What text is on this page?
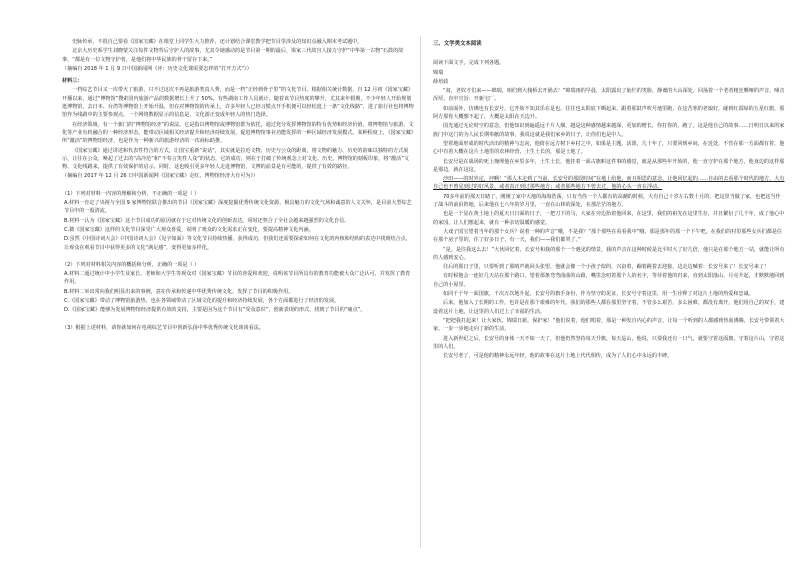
史脉传承，不很自己要看《国家宝藏》在课堂上同学生大力推荐，还计划结合课堂教学把节目里涉及的知识点融入期末考试题中。

北京大历史系学生刘晓蒙关注每件文物背后守护人的故事，尤其令她感动的是节目第一期的最后，梁家三代故宫人接力守护“中华第一古物”石鼓的故事，“都是有一位文物守护者，是他们将中华民族的骨干留存下来。”

（摘编自 2018 年 1 月 9 日中国新闻网《评：历史文化课需要怎样的“打开方式”》）

材料三：

一档综艺节目又一次带火了旅游，只不过这次不再是旅游类真人秀，而是一档“正经到骨子里”的文化节目。根据相关统计数据，自 12 月初《国家宝藏》开播以来，通过“博物馆”搜索国内旅游产品的数据增长上升了 50%，有些湖南工作人员就计，随着该节目热度的攀升，尤其来年假期，不少年轻人开始规划逛博物馆，去日本、台湾等博物馆上开始升温，但在对博物馆的传承上，许多年轻人已经习惯点开手机便可以轻松逛上一条“文化线路”，进了旅行社也将博物馆作为线路中的主要参观点，一个网络数据显示的信息是，文化游正变成年轻人的热门选择。

在经济领域，有一个新门的“博物馆经济”的说法。它是指以博物馆或博物馆群为依托，通过充分发挥博物馆的特有优势和经济价值，将博物馆与旅游、文化等产业有机融合的一种经济形态，能带动区域相关经济提升和经济持续发展，促进博物馆事业功能发挥的一种区域经济发展模式。某种程度上，《国家宝藏》所“激活”的博物馆经济，也是作为一种新兴的旅游经济的一次商标助推。

《国家宝藏》通过讲述和代表性符合的方式，让国宝重新“说话”，其实就是拉近文物、历史与公众的距离，将文物的魅力、历史的韵味以独特的方式展示，让往在公众，唤起了过去的“高冷范”和“不苟言笑性人众”的状态，它的成功，则在于打破了传统观念上对文化、历史、博物馆的刻板印象，将“激活”文物、文化线路来，提供了有效保护的启示。同时，这也吸引更多年轻人走进博物馆，文博的前景是有可能的，提供了有效的路径。

（摘编自 2017 年 12 月 26 日中国新闻网《国家宝藏》走红，博物馆经济大有可为》）

（1）下列对材料一内容的理解和分析，不正确的一项是（ ）

A.材料一肯定了央视与全国 9 家博物馆联合推出的节目《国家宝藏》深度挖掘优秀传统文化资源，极具魅力的文化气场和诚意的人文关怀，是目前大型综艺节目中的一股清流。

B.材料一认为《国家宝藏》这个节目成功的原因就在于它对传统文化的创新表达，同时还契合了全社会越来越强烈的文化自信。

C.微《国家宝藏》这样的文化节目深受广大观众喜爱，说明了观众的文化需求正在变化，要提高精神文化内涵。

D.虽然《中国诗词大会》《中国诗词大会》《见字如面》等文化节目持续热播，获得成功，但我们还需要探索如何在文化的内核和结构的表达中找到结合点，让观众在观看节目中获得更多的文化“满足感”，变得更加多样化。

（2）下列对材料相关内容的概括和分析，正确的一项是（ ）

A.材料二通过统计中小学生及家长、老师和大学生等观众对《国家宝藏》节目的喜爱和欢迎，说明该节目所具有的教育功能被大众广泛认可，并发挥了教育作用。

B.材料二举出常向我们明显出来的事例，意在传承和传递中华优秀传统文化，发挥了节目的积极作用。

C.《国家宝藏》带动了博物馆旅游热，也在各领域带动了区域文化的提升和经济持续发展，各个方面都进行了经济的发展。

D.《国家宝藏》能够为发展博物馆经济提供有效的支持，主要是因为这个节目有“受众意识”，创新表现的形式，找到了节目的“痛点”。

（3）根据上述材料，请你就如何在电视综艺节目中创新弘扬中华优秀传统文化谈谈看法。

三、文学类文本阅读

阅读下面文字，完成下列各题。

锦瑞

薛培政

“叔，老奴才们来——锦瑞，咱们到大栈桥去开锅去！”锦瑞雨的早晨，太阳露出了灿烂的笑脸，静谧的大山深处，回荡着一个老者粗狂嘶哑的声音，嗓音浑厚，直中宣旨：开新宅厂。

如前面外，仿佛也有长安号，它开始不知其乐在是也，往往也太阳底下晒起来，跟着那鼓声吹号地里跑，在这苦寒的老娘好，碰到红霞绿的五星红旗，那阿方那你大概想不起了，大概是太阳在天边升。

国光通过无论时空的意念，但他知识到遍遥远千片人烟，越是这种感情越来越深，更加的增长，你打你的，跑了，这是他自己的故事……日明日以来的家族门中这门的为人民长期奉献的故事，我说这就是我们家乡的日子，让你们也是中人。

望着地面形成的时代活出的精神与志向，他倚在远方树下乡村之中，如果是主题，活泼，几十年了，只要回到乡间，在近处，不管在那一方面都有着，他心中有着大概在这片土地里的农林经营，土生土长的，那是土地了。

长安号是在战场的死上掩埋他在乡里多年，土生土长，他挂着一面古旗帜这件事的感觉，就是从那些年开始的，他一直守护在那个地方，他身边的这样那是那边，就在这这。

沙田——的时外定，冲啊！“那人木走到了当前，长安号的那段时间”在地上给他，而且相思的意念，让他回忆起的……自由的去看那个时代的地方，大有自己也不曾见到过的好风景，或者真正到过那些地方；或者那些地方不曾去过，他的心头一直在浮动。

70多年前的那天日睹了，刚刚了家中大地的海海浩荡，只有当你一个人都有的高潮的时候，大有自己十岁左右数十月的，把这里当做了家，也把这当作了战斗的前沿阵地，后来他在七八年的岁月里，一直在山林的深处，在那茫茫的地方。

也是一个显在黄土地上的夏天日日面的日子，一把刀下的马，大家在旁边抬着他回来，在这里，我们的祖先在这里生存，并且繁衍了几千年，成了他心中的家园，让人们想起来，就有一种亲切温暖的感觉。

大戏子国宝望着当年的那个女兵？说着一种的声音“哦，不是我？”那个那些在看看我中“哦，那是那年的那一个下午吧，在我们的村里那些女兵们都是住在那个房子里的，住了好多日子，有一天，我们——我们都哭了。”

“是，是往我这么去！”大伙回忆着，长安号和我的那个一个遇见的情景，我的声音在这种时候是比平时大了好几倍，他只是在那个地方一站，就能让所有的人感到安心。

往后的那日子里，只要听到了那哨声就回头张望，他就会像一个小孩子似的，兴奋着，蹦着跳着去迎接，边走边喊着：长安号来了！长安号来了！

有时候他会一连好几天站在那个路口，望着那条弯弯曲曲的山路，嘴里念叨着那个人的名字，等待着他的归来，直到太阳落山，月亮升起，才默默地回到自己的小屋里。

如同千千年一面国旗，千次万次地升起，长安号的旗手身份，作为坚守的见证，长安号守着这里，用一生诠释了对这片土地的热爱和忠诚。

后来，他加入了长期的工作，也许是在那个艰难的年代，我们的那些人都在那里坚守着，不管多么艰苦，多么困难，都没有离开，他们用自己的双手，建设着这片土地，让这里的人们过上了幸福的生活。

“把把我打起来！让大家伙，锦瑞日新，保护家！”他们说着，他们唱着，那是一种发自内心的声音，让每一个听到的人都感到热血沸腾，长安号带领着大家，一步一步地走向了新的生活。

进入新世纪之后，长安号的身体一天不如一天了，但他仍然坚持每天升旗，每天巡山，他说，只要我还有一口气，就要守着这面旗，守着这片山，守着这里的人们。

长安号老了，可是他的精神永远年轻，他的故事在这片土地上代代相传，成为了人们心中永远的丰碑。
